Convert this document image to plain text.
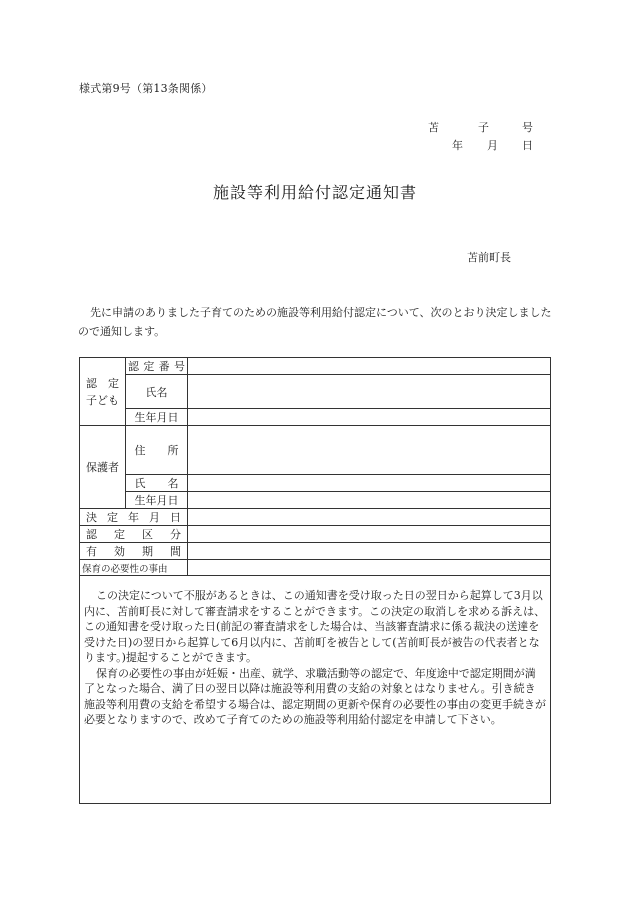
様式第9号（第13条関係）
苫	子	号
年 月 日
施設等利用給付認定通知書
苫前町長
先に申請のありました子育てのための施設等利用給付認定について、次のとおり決定しましたので通知します。
認　定
子ども	認 定 番 号	

	氏名	
	生年月日	
保護者	住　　所	
	氏　　名	
	生年月日	

決 定 年 月 日		

認 定 区 分		

有 効 期 間		

保育の必要性の事由		

この決定について不服があるときは、この通知書を受け取った日の翌日から起算して3月以内に、苫前町長に対して審査請求をすることができます。この決定の取消しを求める訴えは、この通知書を受け取った日(前記の審査請求をした場合は、当該審査請求に係る裁決の送達を受けた日)の翌日から起算して6月以内に、苫前町を被告として(苫前町長が被告の代表者となります。)提起することができます。

保育の必要性の事由が妊娠・出産、就学、求職活動等の認定で、年度途中で認定期間が満了となった場合、満了日の翌日以降は施設等利用費の支給の対象とはなりません。引き続き施設等利用費の支給を希望する場合は、認定期間の更新や保育の必要性の事由の変更手続きが必要となりますので、改めて子育てのための施設等利用給付認定を申請して下さい。		
